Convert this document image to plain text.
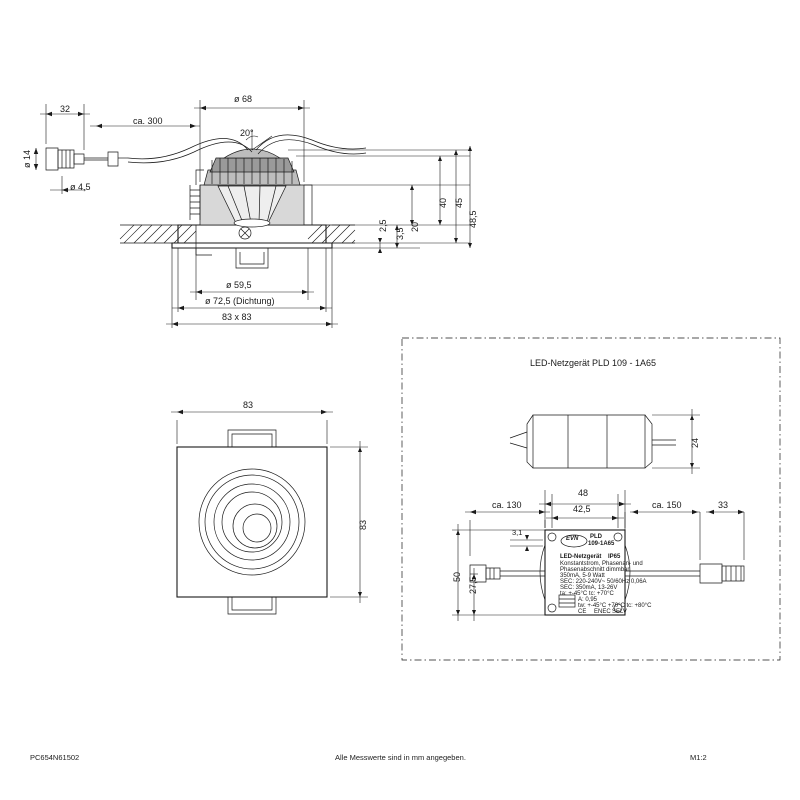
32
ca. 300
ø 68
ø 14
ø 4,5
20°
2,5
3,5
20
40 45
48,5
ø 59,5
ø 72,5 (Dichtung)
83 x 83
83
83
LED-Netzgerät PLD 109 - 1A65
24
ca. 130
48
42,5	ca. 150	33
3,1
50 27,5
EVN PLD
109-1A65
LED-Netzgerät IP65
Konstantstrom, Phasenan- und
Phasenabschnitt dimmbar
350mA, 5-9 Watt
SEC: 220-240V~ 50/60Hz 0,06A
SEC: 350mA, 13-26V
ta: +-45°C tc: +70°C
A: 0,95
tw: +-45°C +70°C tc: +80°C
CE ENEC SELV
PC654N61502	Alle Messwerte sind in mm angegeben.	M1:2
